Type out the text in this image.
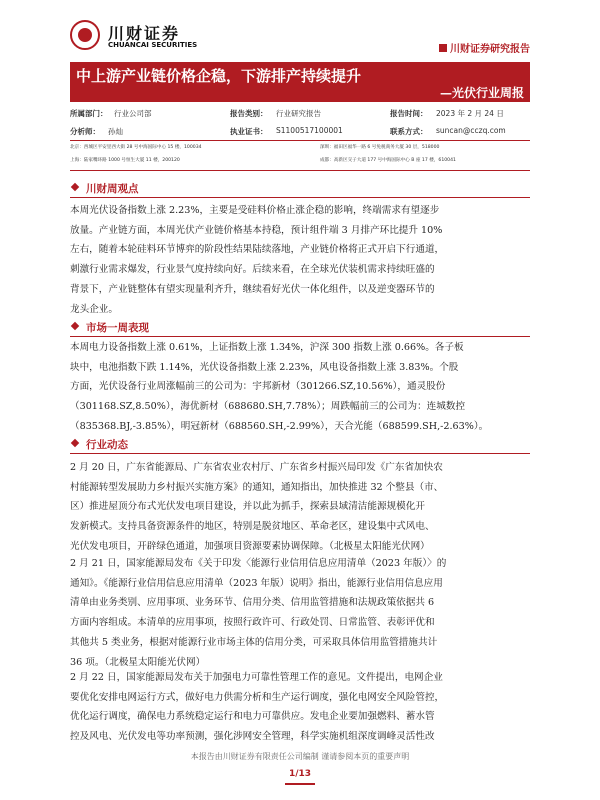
川财证券
CHUANCAI SECURITIES	川财证券研究报告
中上游产业链价格企稳，下游排产持续提升
—光伏行业周报
所属部门： 行业公司部	报告类别： 行业研究报告	报告时间： 2023 年 2 月 24 日
分析师： 孙灿	执业证书： S1100517100001	联系方式： suncan@cczq.com
北京：西城区平安里西大街 28 号中海国际中心 15 楼，100034	深圳：福田区福华一路 6 号免税商务大厦 30 层，518000
上海：陆家嘴环路 1000 号恒生大厦 11 楼，200120	成都：高新区交子大道 177 号中海国际中心 B 座 17 楼，610041
川财周观点
本周光伏设备指数上涨 2.23%，主要是受硅料价格止涨企稳的影响，终端需求有望逐步
放量。产业链方面，本周光伏产业链价格基本持稳，预计组件端 3 月排产环比提升 10%
左右，随着本轮硅料环节博弈的阶段性结果陆续落地，产业链价格将正式开启下行通道，
刺激行业需求爆发，行业景气度持续向好。后续来看，在全球光伏装机需求持续旺盛的
背景下，产业链整体有望实现量利齐升，继续看好光伏一体化组件，以及逆变器环节的
龙头企业。
市场一周表现
本周电力设备指数上涨 0.61%，上证指数上涨 1.34%，沪深 300 指数上涨 0.66%。各子板
块中，电池指数下跌 1.14%，光伏设备指数上涨 2.23%，风电设备指数上涨 3.83%。个股
方面，光伏设备行业周涨幅前三的公司为：宇邦新材（301266.SZ,10.56%），通灵股份
（301168.SZ,8.50%），海优新材（688680.SH,7.78%）；周跌幅前三的公司为：连城数控
（835368.BJ,-3.85%），明冠新材（688560.SH,-2.99%），天合光能（688599.SH,-2.63%）。
行业动态
2 月 20 日，广东省能源局、广东省农业农村厅、广东省乡村振兴局印发《广东省加快农
村能源转型发展助力乡村振兴实施方案》的通知，通知指出，加快推进 32 个整县（市、
区）推进屋顶分布式光伏发电项目建设，并以此为抓手，探索县域清洁能源规模化开
发新模式。支持具备资源条件的地区，特别是脱贫地区、革命老区，建设集中式风电、
光伏发电项目，开辟绿色通道，加强项目资源要素协调保障。（北极星太阳能光伏网）
2 月 21 日，国家能源局发布《关于印发〈能源行业信用信息应用清单（2023 年版）〉的
通知》。《能源行业信用信息应用清单（2023 年版）说明》指出，能源行业信用信息应用
清单由业务类别、应用事项、业务环节、信用分类、信用监管措施和法规政策依据共 6
方面内容组成。本清单的应用事项，按照行政许可、行政处罚、日常监管、表彰评优和
其他共 5 类业务，根据对能源行业市场主体的信用分类，可采取具体信用监管措施共计
36 项。（北极星太阳能光伏网）
2 月 22 日，国家能源局发布关于加强电力可靠性管理工作的意见。文件提出，电网企业
要优化安排电网运行方式，做好电力供需分析和生产运行调度，强化电网安全风险管控，
优化运行调度，确保电力系统稳定运行和电力可靠供应。发电企业要加强燃料、蓄水管
控及风电、光伏发电等功率预测，强化涉网安全管理，科学实施机组深度调峰灵活性改
本报告由川财证券有限责任公司编制 谨请参阅本页的重要声明
1/13
